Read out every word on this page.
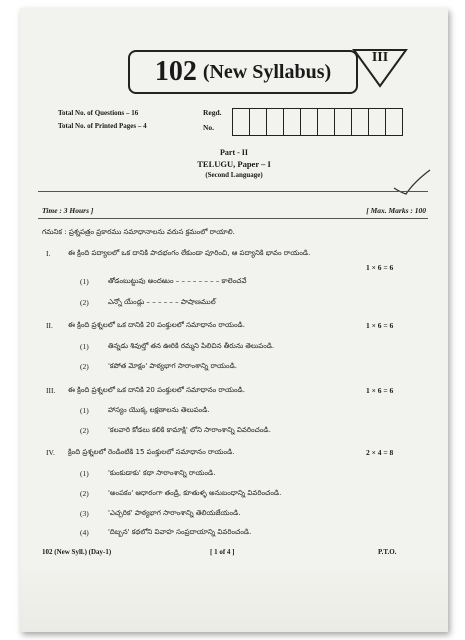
102 (New Syllabus)
III
Total No. of Questions – 16
Total No. of Printed Pages – 4
Regd.
No.
Part - II
TELUGU, Paper – I
(Second Language)
Time : 3 Hours ]	[ Max. Marks : 100
గమనిక : ప్రశ్నపత్రం ప్రకారము సమాధానాలను వరుస క్రమంలో రాయాలి.
I.	ఈ క్రింది పద్యాలలో ఒక దానికి పాదభంగం లేకుండా పూరించి, ఆ పద్యానికి భావం రాయండి.
1 × 6 = 6
(1)	తోడంబుట్టువు అందఱుం – – – – – – – – కాలెంచవే
(2)	ఎన్నో యేండ్లు – – – – – – పాషాణముల్
II. ఈ క్రింది ప్రశ్నలలో ఒక దానికి 20 పంక్తులలో సమాధానం రాయండి.	1 × 6 = 6
(1)	తిన్నడు శివుల్తో తన ఊరికి రమ్మని పిలిచిన తీరును తెలుపండి.
(2)	'కపోత మోక్షం' పాఠ్యభాగ సారాంశాన్ని రాయండి.
III. ఈ క్రింది ప్రశ్నలలో ఒక దానికి 20 పంక్తులలో సమాధానం రాయండి.	1 × 6 = 6
(1)	హాస్యం యొక్క లక్షణాలను తెలుపండి.
(2)	'కలవారి కోడలు కలికి కామాక్షి' లోని సారాంశాన్ని వివరించండి.
IV. క్రింది ప్రశ్నలలో రెండింటికి 15 పంక్తులలో సమాధానం రాయండి.	2 × 4 = 8
(1)	'కుంకుడాకు' కథా సారాంశాన్ని రాయండి.
(2)	'అంపకం' ఆధారంగా తండ్రి, కూతుళ్ళ అనుబంధాన్ని వివరించండి.
(3)	'ఎచ్చరిక' పాఠ్యభాగ సారాంశాన్ని తెలియజేయండి.
(4)	'దిబ్బన' కథలోని వివాహ సంప్రదాయాన్ని వివరించండి.
102 (New Syll.) (Day-1)	[ 1 of 4 ]	P.T.O.
